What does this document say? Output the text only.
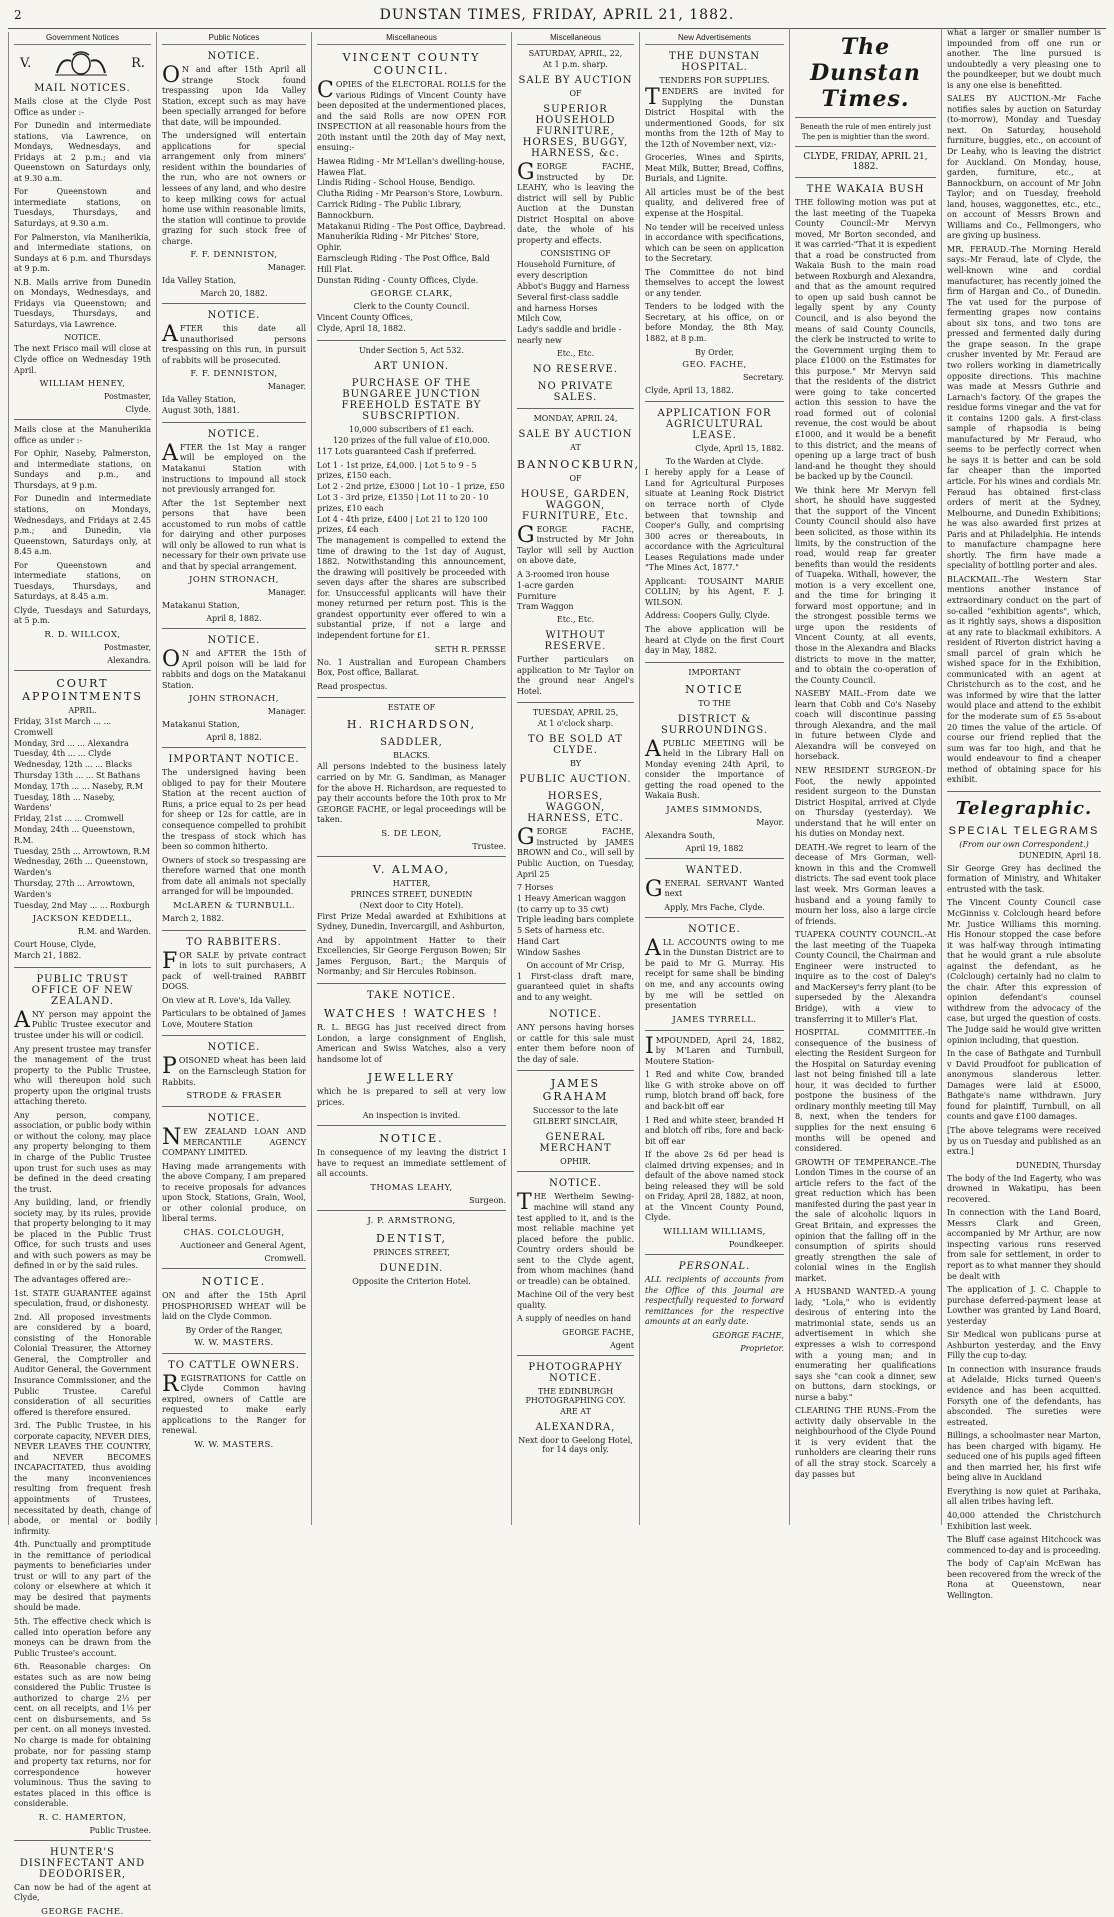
2	DUNSTAN TIMES, FRIDAY, APRIL 21, 1882.
Government Notices
V.	R.
MAIL NOTICES.

Mails close at the Clyde Post Office as under :-

For Dunedin and intermediate stations, via Lawrence, on Mondays, Wednesdays, and Fridays at 2 p.m.; and via Queenstown on Saturdays only, at 9.30 a.m.

For Queenstown and intermediate stations, on Tuesdays, Thursdays, and Saturdays, at 9.30 a.m.

For Palmerston, via Maniherikia, and intermediate stations, on Sundays at 6 p.m. and Thursdays at 9 p.m.

N.B. Mails arrive from Dunedin on Mondays, Wednesdays, and Fridays via Queenstown; and Tuesdays, Thursdays, and Saturdays, via Lawrence.

NOTICE.

The next Frisco mail will close at Clyde office on Wednesday 19th April.

WILLIAM HENEY,
Postmaster,
Clyde.

Mails close at the Manuherikia office as under :-

For Ophir, Naseby, Palmerston, and intermediate stations, on Sundays and p.m., and Thursdays, at 9 p.m.

For Dunedin and intermediate stations, on Mondays, Wednesdays, and Fridays at 2.45 p.m.; and Dunedin, via Queenstown, Saturdays only, at 8.45 a.m.

For Queenstown and intermediate stations, on Tuesdays, Thursdays, and Saturdays, at 8.45 a.m.

Clyde, Tuesdays and Saturdays, at 5 p.m.

R. D. WILLCOX,
Postmaster,
Alexandra.
COURT APPOINTMENTS
APRIL.

Friday, 31st March ... ... Cromwell

Monday, 3rd ... ... Alexandra

Tuesday, 4th ... ... Clyde

Wednesday, 12th ... ... Blacks

Thursday 13th ... ... St Bathans

Monday, 17th ... ... Naseby, R.M

Tuesday, 18th ... Naseby, Wardens'

Friday, 21st ... ... Cromwell

Monday, 24th ... Queenstown, R.M.

Tuesday, 25th ... Arrowtown, R.M

Wednesday, 26th ... Queenstown, Warden's

Thursday, 27th ... Arrowtown, Warden's

Tuesday, 2nd May ... ... Roxburgh

JACKSON KEDDELL,
R.M. and Warden.

Court House, Clyde,

March 21, 1882.

PUBLIC TRUST OFFICE OF NEW ZEALAND.

ANY person may appoint the Public Trustee executor and trustee under his will or codicil.

Any present trustee may transfer the management of the trust property to the Public Trustee, who will thereupon hold such property upon the original trusts attaching thereto.

Any person, company, association, or public body within or without the colony, may place any property belonging to them in charge of the Public Trustee upon trust for such uses as may be defined in the deed creating the trust.

Any building, land, or friendly society may, by its rules, provide that property belonging to it may be placed in the Public Trust Office, for such trusts and uses and with such powers as may be defined in or by the said rules.

The advantages offered are:-

1st. STATE GUARANTEE against speculation, fraud, or dishonesty.

2nd. All proposed investments are considered by a board, consisting of the Honorable Colonial Treasurer, the Attorney General, the Comptroller and Auditor General, the Government Insurance Commissioner, and the Public Trustee. Careful consideration of all securities offered is therefore ensured.

3rd. The Public Trustee, in his corporate capacity, NEVER DIES, NEVER LEAVES THE COUNTRY, and NEVER BECOMES INCAPACITATED, thus avoiding the many inconveniences resulting from frequent fresh appointments of Trustees, necessitated by death, change of abode, or mental or bodily infirmity.

4th. Punctually and promptitude in the remittance of periodical payments to beneficiaries under trust or will to any part of the colony or elsewhere at which it may be desired that payments should be made.

5th. The effective check which is called into operation before any moneys can be drawn from the Public Trustee's account.

6th. Reasonable charges: On estates such as are now being considered the Public Trustee is authorized to charge 2½ per cent. on all receipts, and 1½ per cent on disbursements, and 5s per cent. on all moneys invested. No charge is made for obtaining probate, nor for passing stamp and property tax returns, nor for correspondence however voluminous. Thus the saving to estates placed in this office is considerable.

R. C. HAMERTON,
Public Trustee.
HUNTER'S DISINFECTANT AND DEODORISER,

Can now be had of the agent at Clyde,

GEORGE FACHE.
Public Notices
NOTICE.

ON and after 15th April all strange Stock found trespassing upon Ida Valley Station, except such as may have been specially arranged for before that date, will be impounded.

The undersigned will entertain applications for special arrangement only from miners' resident within the boundaries of the run, who are not owners or lessees of any land, and who desire to keep milking cows for actual home use within reasonable limits, the station will continue to provide grazing for such stock free of charge.

F. F. DENNISTON,
Manager.

Ida Valley Station,

March 20, 1882.

NOTICE.

AFTER this date all unauthorised persons trespassing on this run, in pursuit of rabbits will be prosecuted.

F. F. DENNISTON,
Manager.

Ida Valley Station,

August 30th, 1881.

NOTICE.

AFTER the 1st May a ranger will be employed on the Matakanui Station with instructions to impound all stock not previously arranged for.

After the 1st September next persons that have been accustomed to run mobs of cattle for dairying and other purposes will only be allowed to run what is necessary for their own private use and that by special arrangement.

JOHN STRONACH,
Manager.

Matakanui Station,

April 8, 1882.

NOTICE.

ON and AFTER the 15th of April poison will be laid for rabbits and dogs on the Matakanui Station.

JOHN STRONACH,
Manager.

Matakanui Station,

April 8, 1882.

IMPORTANT NOTICE.

The undersigned having been obliged to pay for their Moutere Station at the recent auction of Runs, a price equal to 2s per head for sheep or 12s for cattle, are in consequence compelled to prohibit the trespass of stock which has been so common hitherto.

Owners of stock so trespassing are therefore warned that one month from date all animals not specially arranged for will be impounded.

McLAREN & TURNBULL.

March 2, 1882.

TO RABBITERS.

FOR SALE by private contract in lots to suit purchasers, A pack of well-trained RABBIT DOGS.

On view at R. Love's, Ida Valley.

Particulars to be obtained of James Love, Moutere Station

NOTICE.

POISONED wheat has been laid on the Earnscleugh Station for Rabbits.

STRODE & FRASER
NOTICE.

NEW ZEALAND LOAN AND MERCANTILE AGENCY COMPANY LIMITED.

Having made arrangements with the above Company, I am prepared to receive proposals for advances upon Stock, Stations, Grain, Wool, or other colonial produce, on liberal terms.

CHAS. COLCLOUGH,
Auctioneer and General Agent,
Cromwell.
NOTICE.

ON and after the 15th April PHOSPHORISED WHEAT will be laid on the Clyde Common.

By Order of the Ranger,

W. W. MASTERS.
TO CATTLE OWNERS.

REGISTRATIONS for Cattle on Clyde Common having expired, owners of Cattle are requested to make early applications to the Ranger for renewal.

W. W. MASTERS.
Miscellaneous
VINCENT COUNTY COUNCIL.

COPIES of the ELECTORAL ROLLS for the various Ridings of Vincent County have been deposited at the undermentioned places, and the said Rolls are now OPEN FOR INSPECTION at all reasonable hours from the 20th instant until the 20th day of May next, ensuing:-

Hawea Riding - Mr M'Lellan's dwelling-house, Hawea Flat.

Lindis Riding - School House, Bendigo.

Clutha Riding - Mr Pearson's Store, Lowburn.

Carrick Riding - The Public Library, Bannockburn.

Matakanui Riding - The Post Office, Daybread.

Manuherikia Riding - Mr Pitches' Store, Ophir.

Earnscleugh Riding - The Post Office, Bald Hill Flat.

Dunstan Riding - County Offices, Clyde.

GEORGE CLARK,
Clerk to the County Council.

Vincent County Offices,

Clyde, April 18, 1882.

Under Section 5, Act 532.
ART UNION.
PURCHASE OF THE BUNGAREE JUNCTION FREEHOLD ESTATE BY SUBSCRIPTION.

10,000 subscribers of £1 each.

120 prizes of the full value of £10,000.

117 Lots guaranteed Cash if preferred.

Lot 1 - 1st prize, £4,000. | Lot 5 to 9 - 5 prizes, £150 each.

Lot 2 - 2nd prize, £3000 | Lot 10 - 1 prize, £50

Lot 3 - 3rd prize, £1350 | Lot 11 to 20 - 10 prizes, £10 each

Lot 4 - 4th prize, £400 | Lot 21 to 120 100 prizes, £4 each

The management is compelled to extend the time of drawing to the 1st day of August, 1882. Notwithstanding this announcement, the drawing will positively be proceeded with seven days after the shares are subscribed for. Unsuccessful applicants will have their money returned per return post. This is the grandest opportunity ever offered to win a substantial prize, if not a large and independent fortune for £1.

SETH R. PERSSE

No. 1 Australian and European Chambers Box, Post office, Ballarat.

Read prospectus.

ESTATE OF
H. RICHARDSON,
SADDLER,
BLACKS.

All persons indebted to the business lately carried on by Mr. G. Sandiman, as Manager for the above H. Richardson, are requested to pay their accounts before the 10th prox to Mr GEORGE FACHE, or legal proceedings will be taken.

S. DE LEON,
Trustee.
V. ALMAO,
HATTER,
PRINCES STREET, DUNEDIN
(Next door to City Hotel).

First Prize Medal awarded at Exhibitions at Sydney, Dunedin, Invercargill, and Ashburton,

And by appointment Hatter to their Excellencies, Sir George Ferguson Bowen; Sir James Ferguson, Bart.; the Marquis of Normanby; and Sir Hercules Robinson.

TAKE NOTICE.
WATCHES ! WATCHES !

R. L. BEGG has just received direct from London, a large consignment of English, American and Swiss Watches, also a very handsome lot of

JEWELLERY

which he is prepared to sell at very low prices.

An inspection is invited.

NOTICE.

In consequence of my leaving the district I have to request an immediate settlement of all accounts.

THOMAS LEAHY,
Surgeon.
J. P. ARMSTRONG,
DENTIST,
PRINCES STREET,
DUNEDIN.
Opposite the Criterion Hotel.
Miscellaneous
SATURDAY, APRIL, 22,
At 1 p.m. sharp.
SALE BY AUCTION
OF
SUPERIOR HOUSEHOLD FURNITURE, HORSES, BUGGY, HARNESS, &c.

GEORGE FACHE, instructed by Dr. LEAHY, who is leaving the district will sell by Public Auction at the Dunstan District Hospital on above date, the whole of his property and effects.

CONSISTING OF

Household Furniture, of every description

Abbot's Buggy and Harness

Several first-class saddle and harness Horses

Milch Cow,

Lady's saddle and bridle - nearly new

Etc., Etc.
NO RESERVE.
NO PRIVATE SALES.
MONDAY, APRIL 24,
SALE BY AUCTION
AT
BANNOCKBURN,
OF
HOUSE, GARDEN, WAGGON, FURNITURE, Etc.

GEORGE FACHE, instructed by Mr John Taylor will sell by Auction on above date,

A 3-roomed iron house

1-acre garden

Furniture

Tram Waggon

Etc., Etc.
WITHOUT RESERVE.

Further particulars on application to Mr Taylor on the ground near Angel's Hotel.

TUESDAY, APRIL 25,
At 1 o'clock sharp.
TO BE SOLD AT CLYDE.
BY
PUBLIC AUCTION.
HORSES, WAGGON, HARNESS, ETC.

GEORGE FACHE, instructed by JAMES BROWN and Co., will sell by Public Auction, on Tuesday, April 25

7 Horses

1 Heavy American waggon (to carry up to 35 cwt)

Triple leading bars complete

5 Sets of harness etc.

Hand Cart

Window Sashes

On account of Mr Crisp,

1 First-class draft mare, guaranteed quiet in shafts and to any weight.

NOTICE.

ANY persons having horses or cattle for this sale must enter them before noon of the day of sale.

JAMES GRAHAM
Successor to the late
GILBERT SINCLAIR,
GENERAL MERCHANT
OPHIR.
NOTICE.

THE Wertheim Sewing-machine will stand any test applied to it, and is the most reliable machine yet placed before the public. Country orders should be sent to the Clyde agent, from whom machines (hand or treadle) can be obtained.

Machine Oil of the very best quality.

A supply of needles on hand

GEORGE FACHE,
Agent
PHOTOGRAPHY NOTICE.
THE EDINBURGH PHOTOGRAPHING COY.
ARE AT
ALEXANDRA,

Next door to Geelong Hotel, for 14 days only.

New Advertisements
THE DUNSTAN HOSPITAL.
TENDERS FOR SUPPLIES.

TENDERS are invited for Supplying the Dunstan District Hospital with the undermentioned Goods, for six months from the 12th of May to the 12th of November next, viz:-

Groceries, Wines and Spirits, Meat Milk, Butter, Bread, Coffins, Burials, and Lignite.

All articles must be of the best quality, and delivered free of expense at the Hospital.

No tender will be received unless in accordance with specifications, which can be seen on application to the Secretary.

The Committee do not bind themselves to accept the lowest or any tender.

Tenders to be lodged with the Secretary, at his office, on or before Monday, the 8th May, 1882, at 8 p.m.

By Order,
GEO. FACHE,
Secretary.

Clyde, April 13, 1882.

APPLICATION FOR AGRICULTURAL LEASE.
Clyde, April 15, 1882.
To the Warden at Clyde.

I hereby apply for a Lease of Land for Agricultural Purposes situate at Leaning Rock District on terrace north of Clyde between that township and Cooper's Gully, and comprising 300 acres or thereabouts, in accordance with the Agricultural Leases Regulations made under "The Mines Act, 1877."

Applicant: TOUSAINT MARIE COLLIN; by his Agent, F. J. WILSON.

Address: Coopers Gully, Clyde.

The above application will be heard at Clyde on the first Court day in May, 1882.

IMPORTANT
NOTICE
TO THE
DISTRICT & SURROUNDINGS.

APUBLIC MEETING will be held in the Library Hall on Monday evening 24th April, to consider the importance of getting the road opened to the Wakaia Bush.

JAMES SIMMONDS,
Mayor.

Alexandra South,

April 19, 1882

WANTED.

GENERAL SERVANT Wanted next

Apply, Mrs Fache, Clyde.

NOTICE.

ALL ACCOUNTS owing to me in the Dunstan District are to be paid to Mr G. Murray. His receipt for same shall be binding on me, and any accounts owing by me will be settled on presentation

JAMES TYRRELL.

IMPOUNDED, April 24, 1882, by M'Laren and Turnbull, Moutere Station-

1 Red and white Cow, branded like G with stroke above on off rump, blotch brand off back, fore and back-bit off ear

1 Red and white steer, branded H and blotch off ribs, fore and back-bit off ear

If the above 2s 6d per head is claimed driving expenses; and in default of the above named stock being released they will be sold on Friday, April 28, 1882, at noon, at the Vincent County Pound, Clyde.

WILLIAM WILLIAMS,
Poundkeeper.
PERSONAL.

ALL recipients of accounts from the Office of this Journal are respectfully requested to forward remittances for the respective amounts at an early date.

GEORGE FACHE,
Proprietor.
The Dunstan Times.
Beneath the rule of men entirely just
The pen is mightier than the sword.
CLYDE, FRIDAY, APRIL 21, 1882.
THE WAKAIA BUSH

THE following motion was put at the last meeting of the Tuapeka County Council:-Mr Mervyn moved, Mr Borton seconded, and it was carried-"That it is expedient that a road be constructed from Wakaia Bush to the main road between Roxburgh and Alexandra, and that as the amount required to open up said bush cannot be legally spent by any County Council, and is also beyond the means of said County Councils, the clerk be instructed to write to the Government urging them to place £1000 on the Estimates for this purpose." Mr Mervyn said that the residents of the district were going to take concerted action this session to have the road formed out of colonial revenue, the cost would be about £1000, and it would be a benefit to this district, and the means of opening up a large tract of bush land-and he thought they should be backed up by the Council.

We think here Mr Mervyn fell short, he should have suggested that the support of the Vincent County Council should also have been solicited, as those within its limits, by the construction of the road, would reap far greater benefits than would the residents of Tuapeka. Withall, however, the motion is a very excellent one, and the time for bringing it forward most opportune; and in the strongest possible terms we urge upon the residents of Vincent County, at all events, those in the Alexandra and Blacks districts to move in the matter, and to obtain the co-operation of the County Council.

NASEBY MAIL.-From date we learn that Cobb and Co's Naseby coach will discontinue passing through Alexandra, and the mail in future between Clyde and Alexandra will be conveyed on horseback.

NEW RESIDENT SURGEON.-Dr Foot, the newly appointed resident surgeon to the Dunstan District Hospital, arrived at Clyde on Thursday (yesterday). We understand that he will enter on his duties on Monday next.

DEATH.-We regret to learn of the decease of Mrs Gorman, well-known in this and the Cromwell districts. The sad event took place last week. Mrs Gorman leaves a husband and a young family to mourn her loss, also a large circle of friends.

TUAPEKA COUNTY COUNCIL.-At the last meeting of the Tuapeka County Council, the Chairman and Engineer were instructed to inquire as to the cost of Daley's and MacKersey's ferry plant (to be superseded by the Alexandra Bridge), with a view to transferring it to Miller's Flat.

HOSPITAL COMMITTEE.-In consequence of the business of electing the Resident Surgeon for the Hospital on Saturday evening last not being finished till a late hour, it was decided to further postpone the business of the ordinary monthly meeting till May 8, next, when the tenders for supplies for the next ensuing 6 months will be opened and considered.

GROWTH OF TEMPERANCE.-The London Times in the course of an article refers to the fact of the great reduction which has been manifested during the past year in the sale of alcoholic liquors in Great Britain, and expresses the opinion that the falling off in the consumption of spirits should greatly strengthen the sale of colonial wines in the English market.

A HUSBAND WANTED.-A young lady, "Lola," who is evidently desirous of entering into the matrimonial state, sends us an advertisement in which she expresses a wish to correspond with a young man; and in enumerating her qualifications says she "can cook a dinner, sew on buttons, darn stockings, or nurse a baby."

CLEARING THE RUNS.-From the activity daily observable in the neighbourhood of the Clyde Pound it is very evident that the runholders are clearing their runs of all the stray stock. Scarcely a day passes but

what a larger or smaller number is impounded from off one run or another. The line pursued is undoubtedly a very pleasing one to the poundkeeper, but we doubt much is any one else is benefitted.

SALES BY AUCTION.-Mr Fache notifies sales by auction on Saturday (to-morrow), Monday and Tuesday next. On Saturday, household furniture, buggies, etc., on account of Dr Leahy, who is leaving the district for Auckland. On Monday, house, garden, furniture, etc., at Bannockburn, on account of Mr John Taylor; and on Tuesday, freehold land, houses, waggonettes, etc., etc., on account of Messrs Brown and Williams and Co., Fellmongers, who are giving up business.

MR. FERAUD.-The Morning Herald says:-Mr Feraud, late of Clyde, the well-known wine and cordial manufacturer, has recently joined the firm of Hargan and Co., of Dunedin. The vat used for the purpose of fermenting grapes now contains about six tons, and two tons are pressed and fermented daily during the grape season. In the grape crusher invented by Mr. Feraud are two rollers working in diametrically opposite directions. This machine was made at Messrs Guthrie and Larnach's factory. Of the grapes the residue forms vinegar and the vat for it contains 1200 gals. A first-class sample of rhapsodia is being manufactured by Mr Feraud, who seems to be perfectly correct when he says it is better and can be sold far cheaper than the imported article. For his wines and cordials Mr. Feraud has obtained first-class orders of merit at the Sydney, Melbourne, and Dunedin Exhibitions; he was also awarded first prizes at Paris and at Philadelphia. He intends to manufacture champagne here shortly. The firm have made a speciality of bottling porter and ales.

BLACKMAIL.-The Western Star mentions another instance of extraordinary conduct on the part of so-called "exhibition agents", which, as it rightly says, shows a disposition at any rate to blackmail exhibitors. A resident of Riverton district having a small parcel of grain which he wished space for in the Exhibition, communicated with an agent at Christchurch as to the cost, and he was informed by wire that the latter would place and attend to the exhibit for the moderate sum of £5 5s-about 20 times the value of the article. Of course our friend replied that the sum was far too high, and that he would endeavour to find a cheaper method of obtaining space for his exhibit.

Telegraphic.
SPECIAL TELEGRAMS
(From our own Correspondent.)
DUNEDIN, April 18.

Sir George Grey has declined the formation of Ministry, and Whitaker entrusted with the task.

The Vincent County Council case McGinniss v. Colclough heard before Mr. Justice Williams this morning. His Honour stopped the case before it was half-way through intimating that he would grant a rule absolute against the defendant, as he (Colclough) certainly had no claim to the chair. After this expression of opinion defendant's counsel withdrew from the advocacy of the case, but urged the question of costs. The Judge said he would give written opinion including, that question.

In the case of Bathgate and Turnbull v David Proudfoot for publication of anonymous slanderous letter. Damages were laid at £5000, Bathgate's name withdrawn. Jury found for plaintiff, Turnbull, on all counts and gave £100 damages.

[The above telegrams were received by us on Tuesday and published as an extra.]

DUNEDIN, Thursday

The body of the Ind Eagerty, who was drowned in Wakatipu, has been recovered.

In connection with the Land Board, Messrs Clark and Green, accompanied by Mr Arthur, are now inspecting various runs reserved from sale for settlement, in order to report as to what manner they should be dealt with

The application of J. C. Chapple to purchase deferred-payment lease at Lowther was granted by Land Board, yesterday

Sir Medical won publicans purse at Ashburton yesterday, and the Envy Filly the cup to-day.

In connection with insurance frauds at Adelaide, Hicks turned Queen's evidence and has been acquitted. Forsyth one of the defendants, has absconded. The sureties were estreated.

Billings, a schoolmaster near Marton, has been charged with bigamy. He seduced one of his pupils aged fifteen and then married her, his first wife being alive in Auckland

Everything is now quiet at Parihaka, all alien tribes having left.

40,000 attended the Christchurch Exhibition last week.

The Bluff case against Hitchcock was commenced to-day and is proceeding.

The body of Cap'ain McEwan has been recovered from the wreck of the Rona at Queenstown, near Wellington.
